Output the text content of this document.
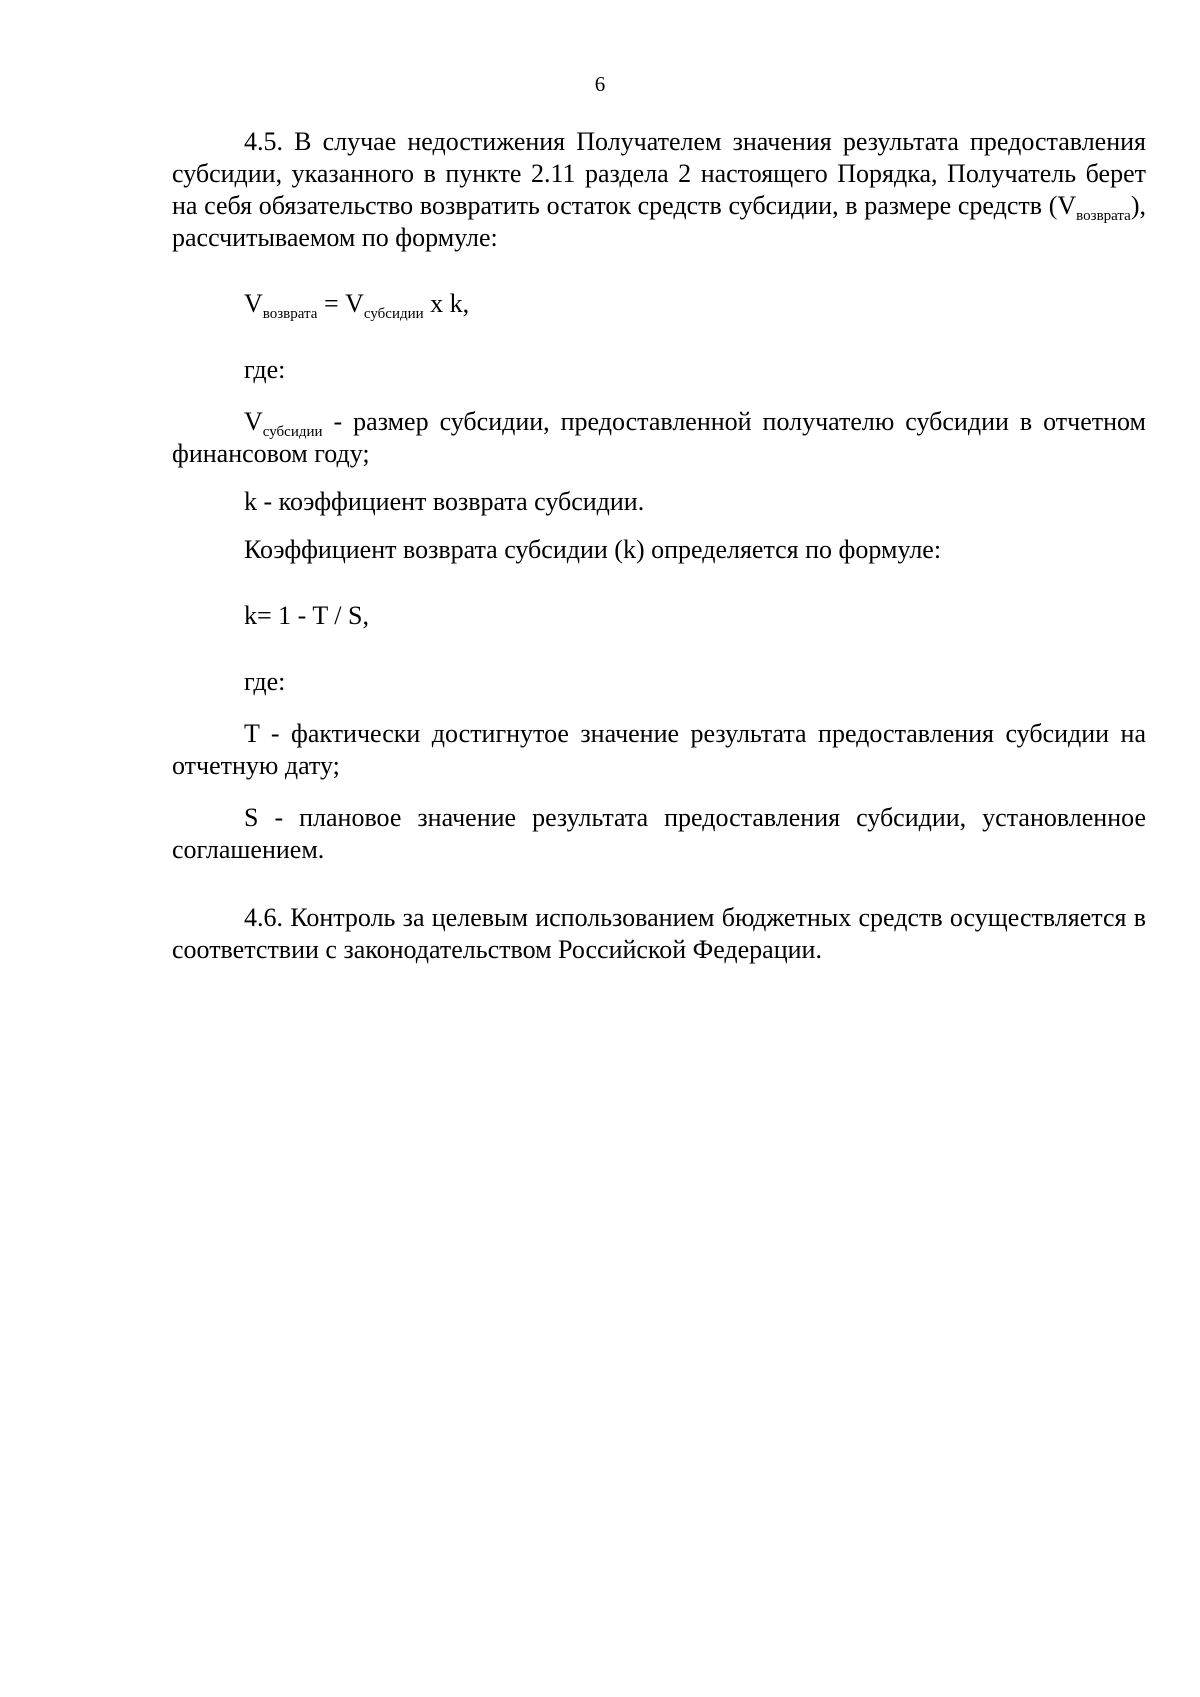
6

4.5. В случае недостижения Получателем значения результата предоставления субсидии, указанного в пункте 2.11 раздела 2 настоящего Порядка, Получатель берет на себя обязательство возвратить остаток средств субсидии, в размере средств $(V_{возврата})$, рассчитываемом по формуле:

$V_{возврата} = V_{субсидии}$ x k,

где:

$V_{субсидии}$ - размер субсидии, предоставленной получателю субсидии в отчетном финансовом году;

k - коэффициент возврата субсидии.

Коэффициент возврата субсидии (k) определяется по формуле:

k= 1 - T / S,

где:

T - фактически достигнутое значение результата предоставления субсидии на отчетную дату;

S - плановое значение результата предоставления субсидии, установленное соглашением.

4.6. Контроль за целевым использованием бюджетных средств осуществляется в соответствии с законодательством Российской Федерации.
